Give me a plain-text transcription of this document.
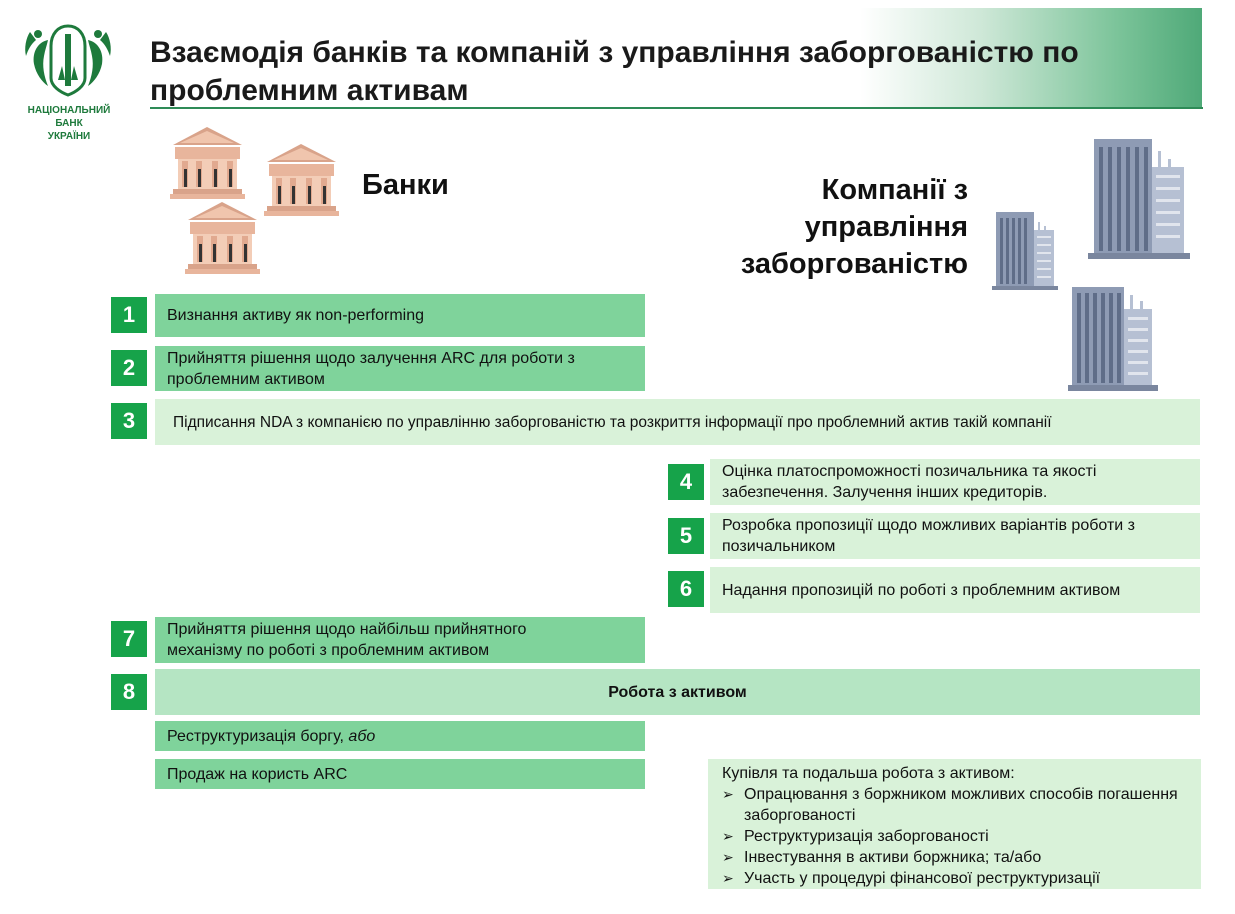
Взаємодія банків та компаній з управління заборгованістю по
проблемним активам
НАЦІОНАЛЬНИЙ
БАНК
УКРАЇНИ
Банки	Компанії з
управління
заборгованістю
1	Визнання активу як non-performing
2	Прийняття рішення щодо залучення ARC для роботи з проблемним активом
3	Підписання NDA з компанією по управлінню заборгованістю та розкриття інформації про проблемний актив такій компанії
4	Оцінка платоспроможності позичальника та якості забезпечення. Залучення інших кредиторів.
5	Розробка пропозиції щодо можливих варіантів роботи з позичальником
6	Надання пропозицій по роботі з проблемним активом
7	Прийняття рішення щодо найбільш прийнятного механізму по роботі з проблемним активом
8	Робота з активом
Реструктуризація боргу,
або
Продаж на користь ARC	Купівля та подальша робота з активом:
➢ Опрацювання з боржником можливих способів погашення заборгованості
➢ Реструктуризація заборгованості
➢ Інвестування в активи боржника; та/або
➢ Участь у процедурі фінансової реструктуризації
